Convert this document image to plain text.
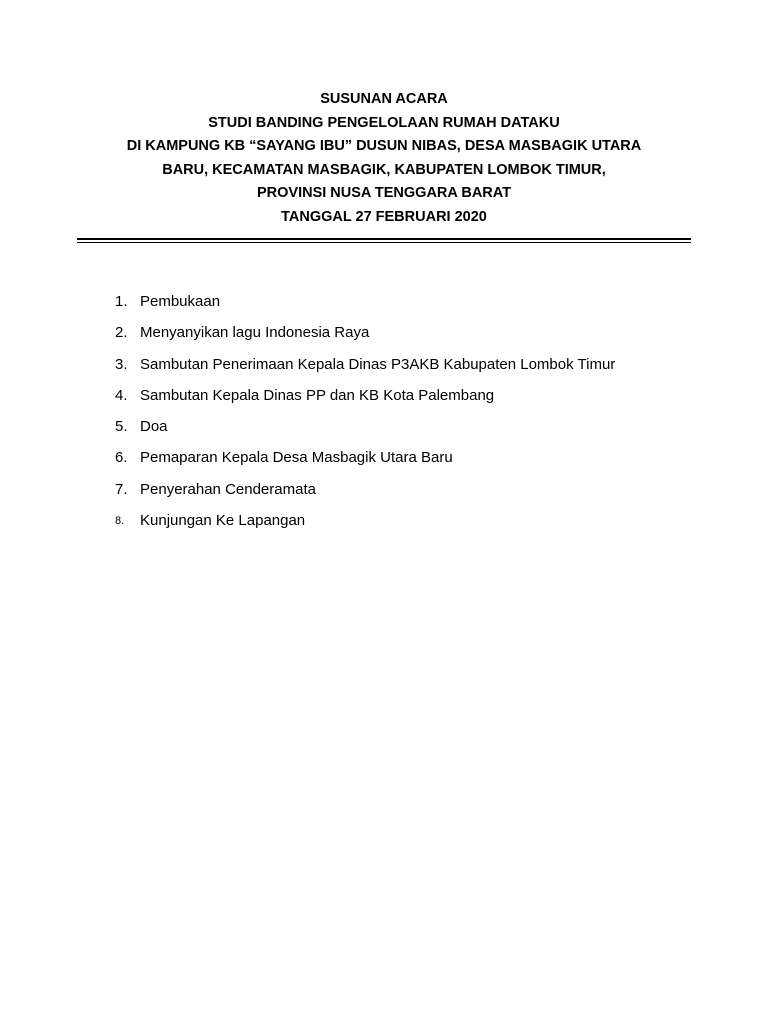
SUSUNAN ACARA
STUDI BANDING PENGELOLAAN RUMAH DATAKU
DI KAMPUNG KB “SAYANG IBU” DUSUN NIBAS, DESA MASBAGIK UTARA
BARU, KECAMATAN MASBAGIK, KABUPATEN LOMBOK TIMUR,
PROVINSI NUSA TENGGARA BARAT
TANGGAL 27 FEBRUARI 2020
1. Pembukaan
2. Menyanyikan lagu Indonesia Raya
3. Sambutan Penerimaan Kepala Dinas P3AKB Kabupaten Lombok Timur
4. Sambutan Kepala Dinas PP dan KB Kota Palembang
5. Doa
6. Pemaparan Kepala Desa Masbagik Utara Baru
7. Penyerahan Cenderamata
8.	Kunjungan Ke Lapangan
